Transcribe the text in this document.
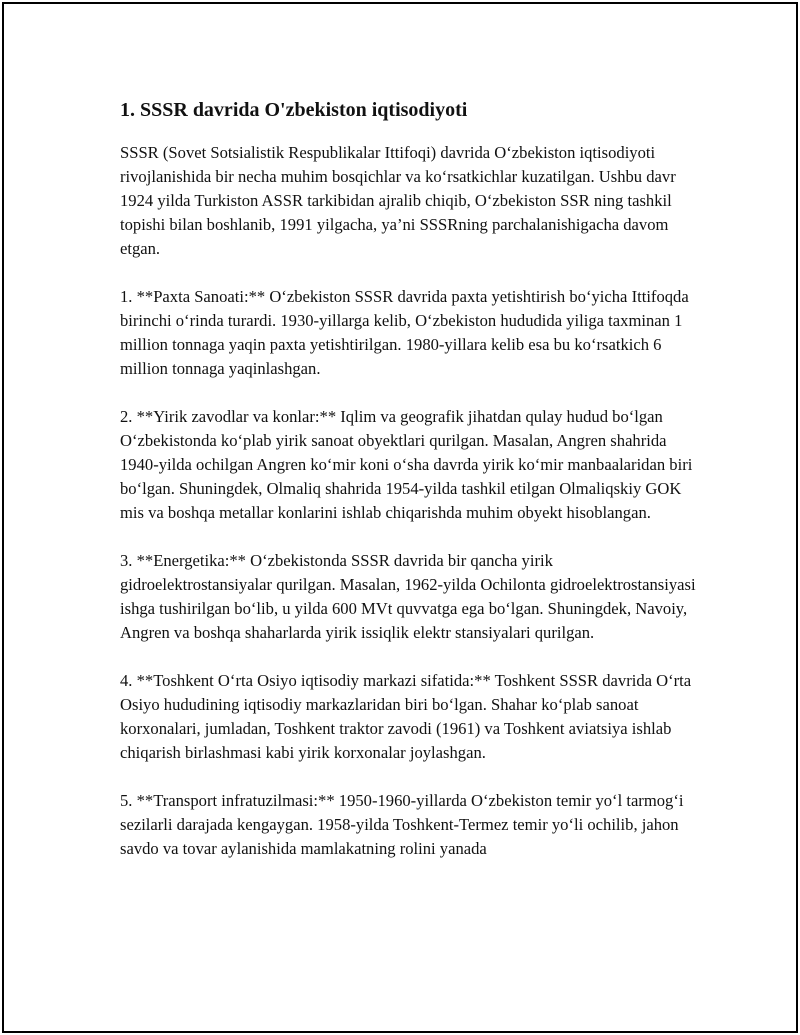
1. SSSR davrida O'zbekiston iqtisodiyoti

SSSR (Sovet Sotsialistik Respublikalar Ittifoqi) davrida O‘zbekiston iqtisodiyoti rivojlanishida bir necha muhim bosqichlar va ko‘rsatkichlar kuzatilgan. Ushbu davr 1924 yilda Turkiston ASSR tarkibidan ajralib chiqib, O‘zbekiston SSR ning tashkil topishi bilan boshlanib, 1991 yilgacha, ya’ni SSSRning parchalanishigacha davom etgan.

1. **Paxta Sanoati:** O‘zbekiston SSSR davrida paxta yetishtirish bo‘yicha Ittifoqda birinchi o‘rinda turardi. 1930-yillarga kelib, O‘zbekiston hududida yiliga taxminan 1 million tonnaga yaqin paxta yetishtirilgan. 1980-yillara kelib esa bu ko‘rsatkich 6 million tonnaga yaqinlashgan.

2. **Yirik zavodlar va konlar:** Iqlim va geografik jihatdan qulay hudud bo‘lgan O‘zbekistonda ko‘plab yirik sanoat obyektlari qurilgan. Masalan, Angren shahrida 1940-yilda ochilgan Angren ko‘mir koni o‘sha davrda yirik ko‘mir manbaalaridan biri bo‘lgan. Shuningdek, Olmaliq shahrida 1954-yilda tashkil etilgan Olmaliqskiy GOK mis va boshqa metallar konlarini ishlab chiqarishda muhim obyekt hisoblangan.

3. **Energetika:** O‘zbekistonda SSSR davrida bir qancha yirik gidroelektrostansiyalar qurilgan. Masalan, 1962-yilda Ochilonta gidroelektrostansiyasi ishga tushirilgan bo‘lib, u yilda 600 MVt quvvatga ega bo‘lgan. Shuningdek, Navoiy, Angren va boshqa shaharlarda yirik issiqlik elektr stansiyalari qurilgan.

4. **Toshkent O‘rta Osiyo iqtisodiy markazi sifatida:** Toshkent SSSR davrida O‘rta Osiyo hududining iqtisodiy markazlaridan biri bo‘lgan. Shahar ko‘plab sanoat korxonalari, jumladan, Toshkent traktor zavodi (1961) va Toshkent aviatsiya ishlab chiqarish birlashmasi kabi yirik korxonalar joylashgan.

5. **Transport infratuzilmasi:** 1950-1960-yillarda O‘zbekiston temir yo‘l tarmog‘i sezilarli darajada kengaygan. 1958-yilda Toshkent-Termez temir yo‘li ochilib, jahon savdo va tovar aylanishida mamlakatning rolini yanada
